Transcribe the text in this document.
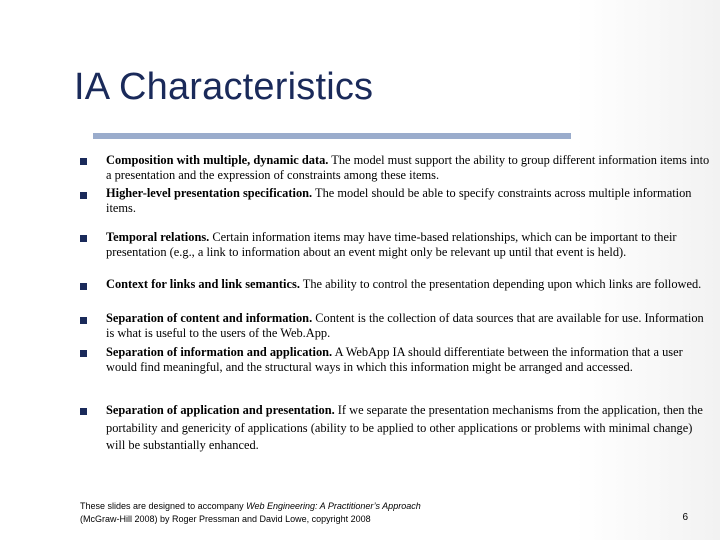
IA Characteristics
Composition with multiple, dynamic data. The model must support the ability to group different information items into a presentation and the expression of constraints among these items.
Higher-level presentation specification. The model should be able to specify constraints across multiple information items.
Temporal relations. Certain information items may have time-based relationships, which can be important to their presentation (e.g., a link to information about an event might only be relevant up until that event is held).
Context for links and link semantics. The ability to control the presentation depending upon which links are followed.
Separation of content and information. Content is the collection of data sources that are available for use. Information is what is useful to the users of the Web.App.
Separation of information and application. A WebApp IA should differentiate between the information that a user would find meaningful, and the structural ways in which this information might be arranged and accessed.
Separation of application and presentation. If we separate the presentation mechanisms from the application, then the portability and genericity of applications (ability to be applied to other applications or problems with minimal change) will be substantially enhanced.
These slides are designed to accompany Web Engineering: A Practitioner’s Approach
(McGraw-Hill 2008) by Roger Pressman and David Lowe, copyright 2008	6
